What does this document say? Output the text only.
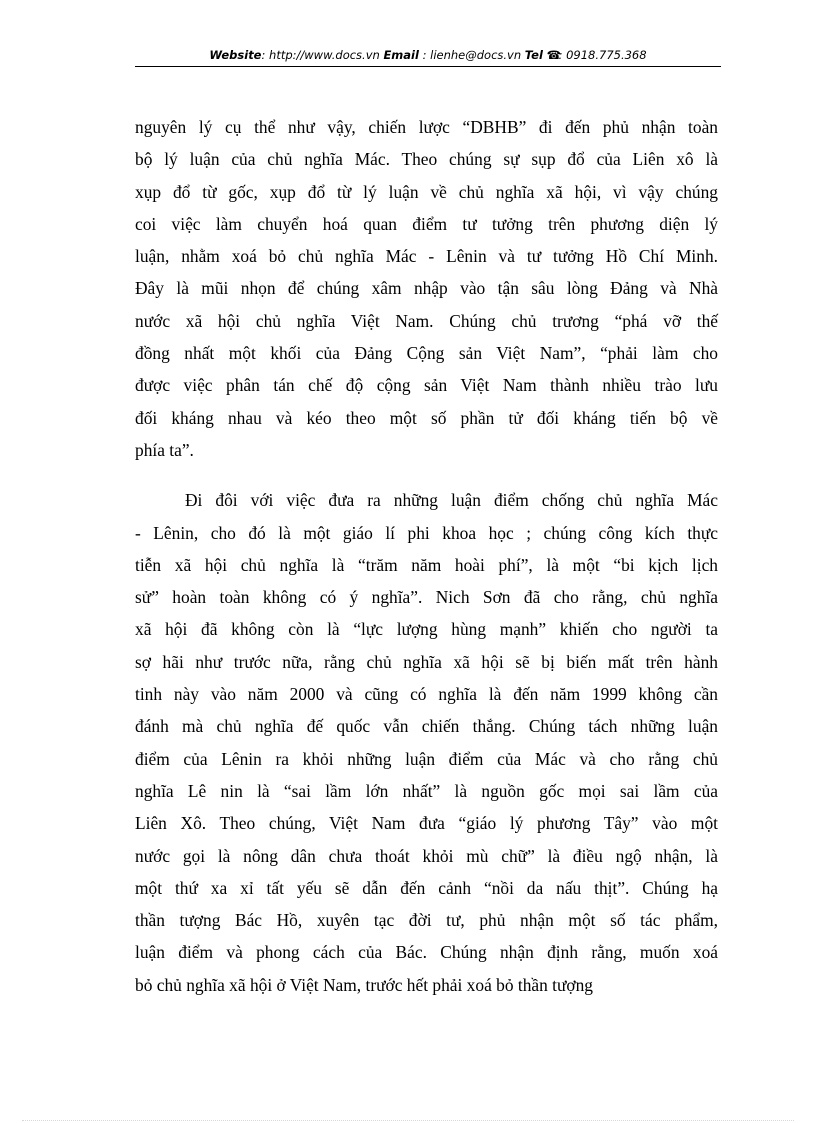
Website: http://www.docs.vn Email : lienhe@docs.vn Tel ☎: 0918.775.368
nguyên lý cụ thể như vậy, chiến lược “DBHB” đi đến phủ nhận toàn
bộ lý luận của chủ nghĩa Mác. Theo chúng sự sụp đổ của Liên xô là
xụp đổ từ gốc, xụp đổ từ lý luận về chủ nghĩa xã hội, vì vậy chúng
coi việc làm chuyển hoá quan điểm tư tưởng trên phương diện lý
luận, nhằm xoá bỏ chủ nghĩa Mác - Lênin và tư tưởng Hồ Chí Minh.
Đây là mũi nhọn để chúng xâm nhập vào tận sâu lòng Đảng và Nhà
nước xã hội chủ nghĩa Việt Nam. Chúng chủ trương “phá vỡ thế
đồng nhất một khối của Đảng Cộng sản Việt Nam”, “phải làm cho
được việc phân tán chế độ cộng sản Việt Nam thành nhiều trào lưu
đối kháng nhau và kéo theo một số phần tử đối kháng tiến bộ về
phía ta”.
Đi đôi với việc đưa ra những luận điểm chống chủ nghĩa Mác
- Lênin, cho đó là một giáo lí phi khoa học ; chúng công kích thực
tiễn xã hội chủ nghĩa là “trăm năm hoài phí”, là một “bi kịch lịch
sử” hoàn toàn không có ý nghĩa”. Nich Sơn đã cho rằng, chủ nghĩa
xã hội đã không còn là “lực lượng hùng mạnh” khiến cho người ta
sợ hãi như trước nữa, rằng chủ nghĩa xã hội sẽ bị biến mất trên hành
tinh này vào năm 2000 và cũng có nghĩa là đến năm 1999 không cần
đánh mà chủ nghĩa đế quốc vẫn chiến thắng. Chúng tách những luận
điểm của Lênin ra khỏi những luận điểm của Mác và cho rằng chủ
nghĩa Lê nin là “sai lầm lớn nhất” là nguồn gốc mọi sai lầm của
Liên Xô. Theo chúng, Việt Nam đưa “giáo lý phương Tây” vào một
nước gọi là nông dân chưa thoát khỏi mù chữ” là điều ngộ nhận, là
một thứ xa xỉ tất yếu sẽ dẫn đến cảnh “nồi da nấu thịt”. Chúng hạ
thần tượng Bác Hồ, xuyên tạc đời tư, phủ nhận một số tác phẩm,
luận điểm và phong cách của Bác. Chúng nhận định rằng, muốn xoá
bỏ chủ nghĩa xã hội ở Việt Nam, trước hết phải xoá bỏ thần tượng
